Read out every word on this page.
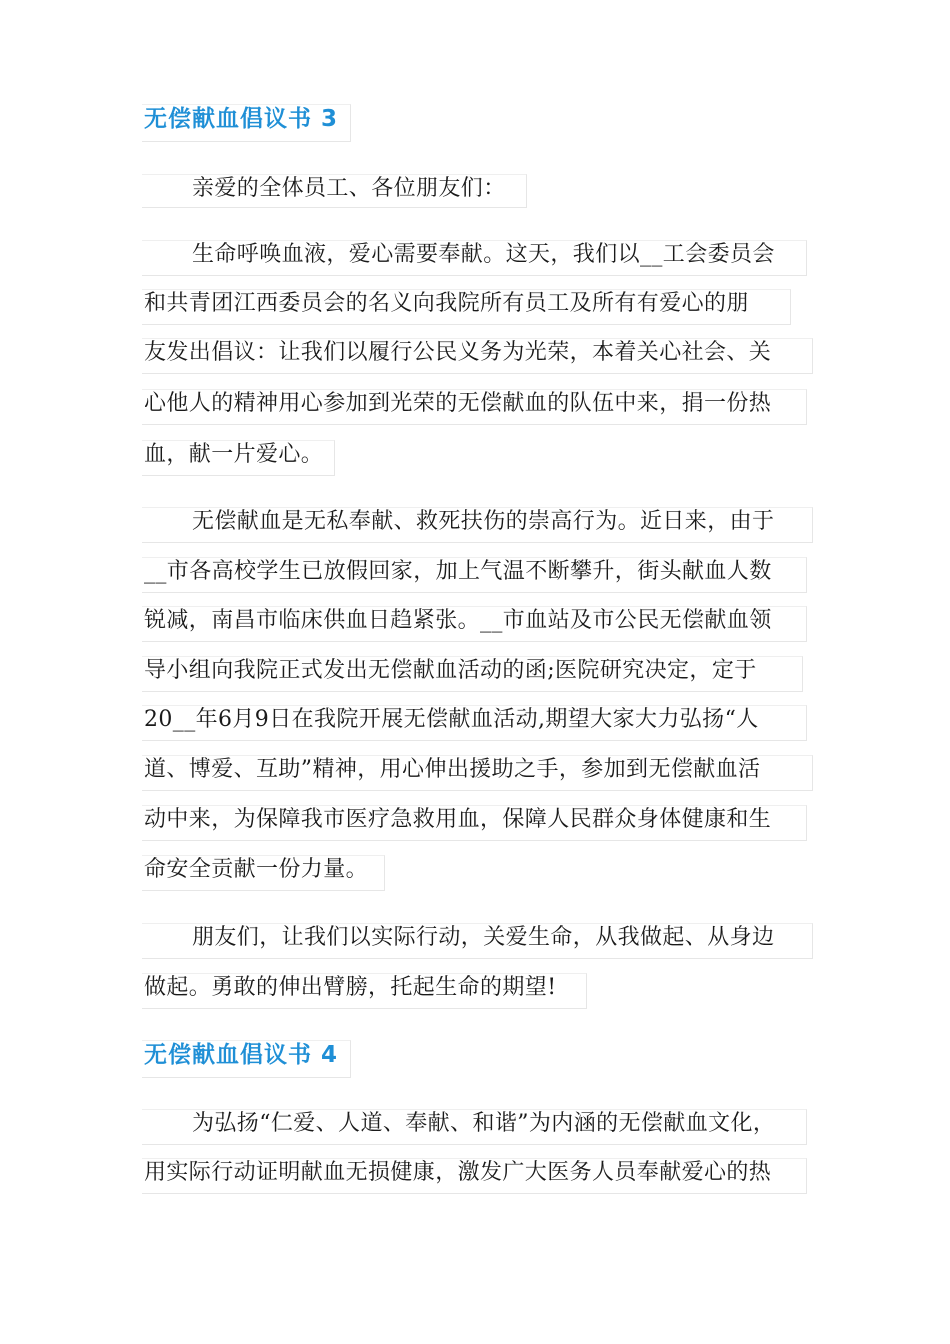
无偿献血倡议书 3
亲爱的全体员工、各位朋友们：
生命呼唤血液，爱心需要奉献。这天，我们以__工会委员会
和共青团江西委员会的名义向我院所有员工及所有有爱心的朋
友发出倡议：让我们以履行公民义务为光荣，本着关心社会、关
心他人的精神用心参加到光荣的无偿献血的队伍中来，捐一份热
血，献一片爱心。
无偿献血是无私奉献、救死扶伤的崇高行为。近日来，由于
__市各高校学生已放假回家，加上气温不断攀升，街头献血人数
锐减，南昌市临床供血日趋紧张。__市血站及市公民无偿献血领
导小组向我院正式发出无偿献血活动的函;医院研究决定，定于
20__年6月9日在我院开展无偿献血活动,期望大家大力弘扬“人
道、博爱、互助”精神，用心伸出援助之手，参加到无偿献血活
动中来，为保障我市医疗急救用血，保障人民群众身体健康和生
命安全贡献一份力量。
朋友们，让我们以实际行动，关爱生命，从我做起、从身边
做起。勇敢的伸出臂膀，托起生命的期望!
无偿献血倡议书 4
为弘扬“仁爱、人道、奉献、和谐”为内涵的无偿献血文化，
用实际行动证明献血无损健康，激发广大医务人员奉献爱心的热
